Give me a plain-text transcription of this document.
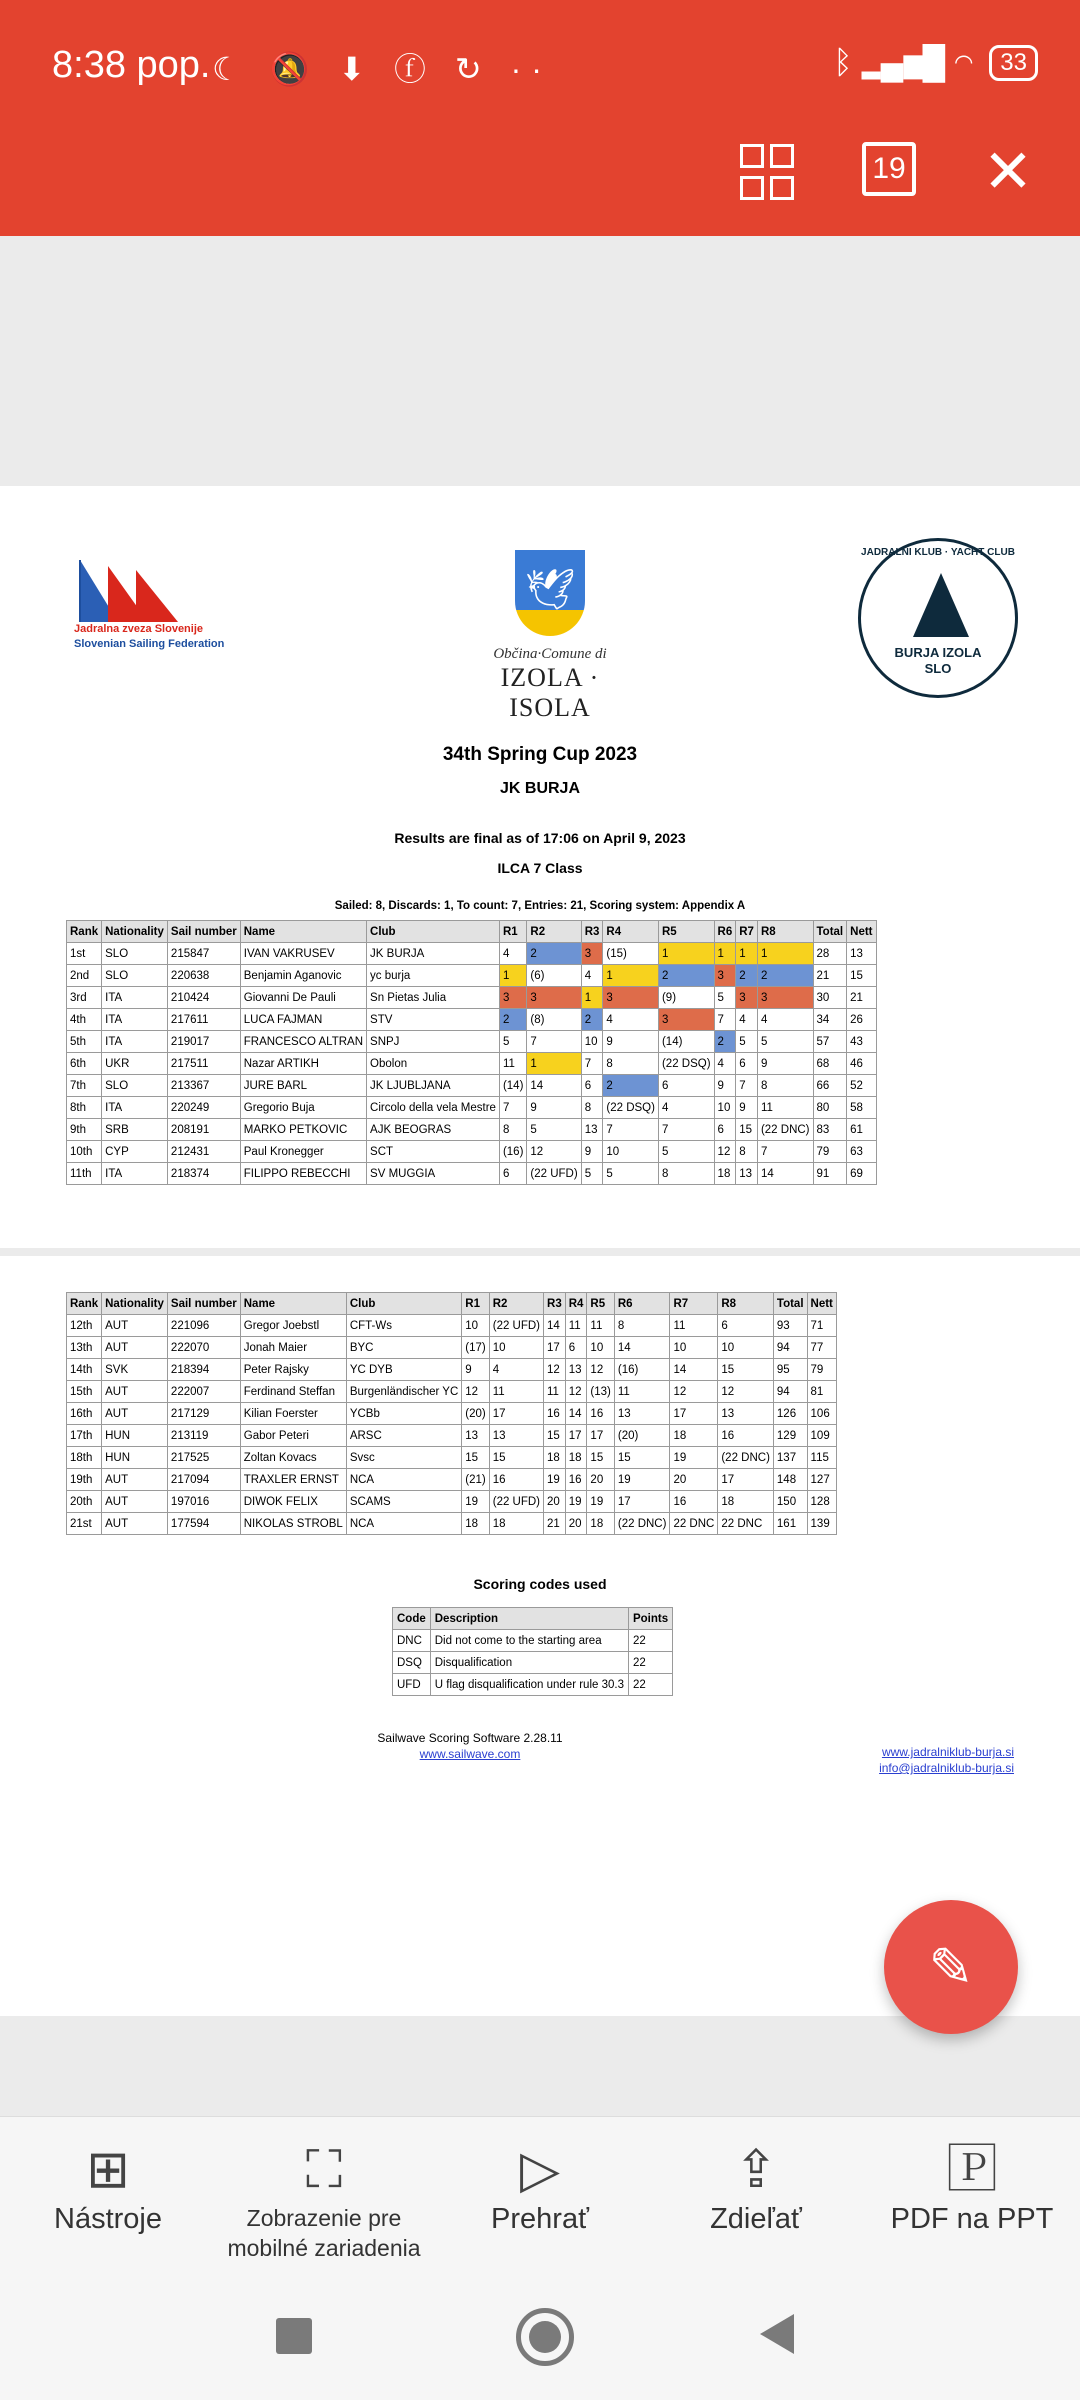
8:38 pop. ☾ 🔕 ⬇ ⓕ ↻ ··	ᛒ ▂▄▆█ ◠	33
19 ✕
Jadralna zveza Slovenije
Slovenian Sailing Federation
🕊
Občina·Comune di
IZOLA · ISOLA
JADRALNI KLUB · YACHT CLUB
BURJA IZOLA
SLO
34th Spring Cup 2023
JK BURJA
Results are final as of 17:06 on April 9, 2023
ILCA 7 Class
Sailed: 8, Discards: 1, To count: 7, Entries: 21, Scoring system: Appendix A
Rank	Nationality	Sail number	Name	Club	R1	R2	R3	R4	R5	R6	R7	R8	Total	Nett
1st	SLO	215847	IVAN VAKRUSEV	JK BURJA	4	2	3	(15)	1	1	1	1	28	13
2nd	SLO	220638	Benjamin Aganovic	yc burja	1	(6)	4	1	2	3	2	2	21	15
3rd	ITA	210424	Giovanni De Pauli	Sn Pietas Julia	3	3	1	3	(9)	5	3	3	30	21
4th	ITA	217611	LUCA FAJMAN	STV	2	(8)	2	4	3	7	4	4	34	26
5th	ITA	219017	FRANCESCO ALTRAN	SNPJ	5	7	10	9	(14)	2	5	5	57	43
6th	UKR	217511	Nazar ARTIKH	Obolon	11	1	7	8	(22 DSQ)	4	6	9	68	46
7th	SLO	213367	JURE BARL	JK LJUBLJANA	(14)	14	6	2	6	9	7	8	66	52
8th	ITA	220249	Gregorio Buja	Circolo della vela Mestre	7	9	8	(22 DSQ)	4	10	9	11	80	58
9th	SRB	208191	MARKO PETKOVIC	AJK BEOGRAS	8	5	13	7	7	6	15	(22 DNC)	83	61
10th	CYP	212431	Paul Kronegger	SCT	(16)	12	9	10	5	12	8	7	79	63
11th	ITA	218374	FILIPPO REBECCHI	SV MUGGIA	6	(22 UFD)	5	5	8	18	13	14	91	69
Rank	Nationality	Sail number	Name	Club	R1	R2	R3	R4	R5	R6	R7	R8	Total	Nett
12th	AUT	221096	Gregor Joebstl	CFT-Ws	10	(22 UFD)	14	11	11	8	11	6	93	71
13th	AUT	222070	Jonah Maier	BYC	(17)	10	17	6	10	14	10	10	94	77
14th	SVK	218394	Peter Rajsky	YC DYB	9	4	12	13	12	(16)	14	15	95	79
15th	AUT	222007	Ferdinand Steffan	Burgenländischer YC	12	11	11	12	(13)	11	12	12	94	81
16th	AUT	217129	Kilian Foerster	YCBb	(20)	17	16	14	16	13	17	13	126	106
17th	HUN	213119	Gabor Peteri	ARSC	13	13	15	17	17	(20)	18	16	129	109
18th	HUN	217525	Zoltan Kovacs	Svsc	15	15	18	18	15	15	19	(22 DNC)	137	115
19th	AUT	217094	TRAXLER ERNST	NCA	(21)	16	19	16	20	19	20	17	148	127
20th	AUT	197016	DIWOK FELIX	SCAMS	19	(22 UFD)	20	19	19	17	16	18	150	128
21st	AUT	177594	NIKOLAS STROBL	NCA	18	18	21	20	18	(22 DNC)	22 DNC	22 DNC	161	139
Scoring codes used
Code	Description	Points
DNC	Did not come to the starting area	22
DSQ	Disqualification	22
UFD	U flag disqualification under rule 30.3	22
Sailwave Scoring Software 2.28.11
www.sailwave.com	www.jadralniklub-burja.si
info@jadralniklub-burja.si
✎
⊞
Nástroje
⛶
Zobrazenie pre mobilné zariadenia
▷
Prehrať
⇪
Zdieľať
🄿
PDF na PPT
